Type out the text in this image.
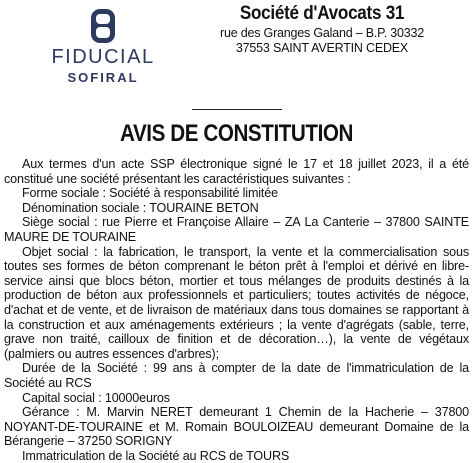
FIDUCIAL
SOFIRAL
Société d'Avocats 31
rue des Granges Galand – B.P. 30332
37553 SAINT AVERTIN CEDEX
AVIS DE CONSTITUTION

Aux termes d'un acte SSP électronique signé le 17 et 18 juillet 2023, il a été constitué une société présentant les caractéristiques suivantes :

Forme sociale : Société à responsabilité limitée

Dénomination sociale : TOURAINE BETON

Siège social : rue Pierre et Françoise Allaire – ZA La Canterie – 37800 SAINTE MAURE DE TOURAINE

Objet social : la fabrication, le transport, la vente et la commercialisation sous toutes ses formes de béton comprenant le béton prêt à l'emploi et dérivé en libre-service ainsi que blocs béton, mortier et tous mélanges de produits destinés à la production de béton aux professionnels et particuliers; toutes activités de négoce, d'achat et de vente, et de livraison de matériaux dans tous domaines se rapportant à la construction et aux aménagements extérieurs ; la vente d'agrégats (sable, terre, grave non traité, cailloux de finition et de décoration…), la vente de végétaux (palmiers ou autres essences d'arbres);

Durée de la Société : 99 ans à compter de la date de l'immatriculation de la Société au RCS

Capital social : 10000euros

Gérance : M. Marvin NERET demeurant 1 Chemin de la Hacherie – 37800 NOYANT-DE-TOURAINE et M. Romain BOULOIZEAU demeurant Domaine de la Bérangerie – 37250 SORIGNY

Immatriculation de la Société au RCS de TOURS
